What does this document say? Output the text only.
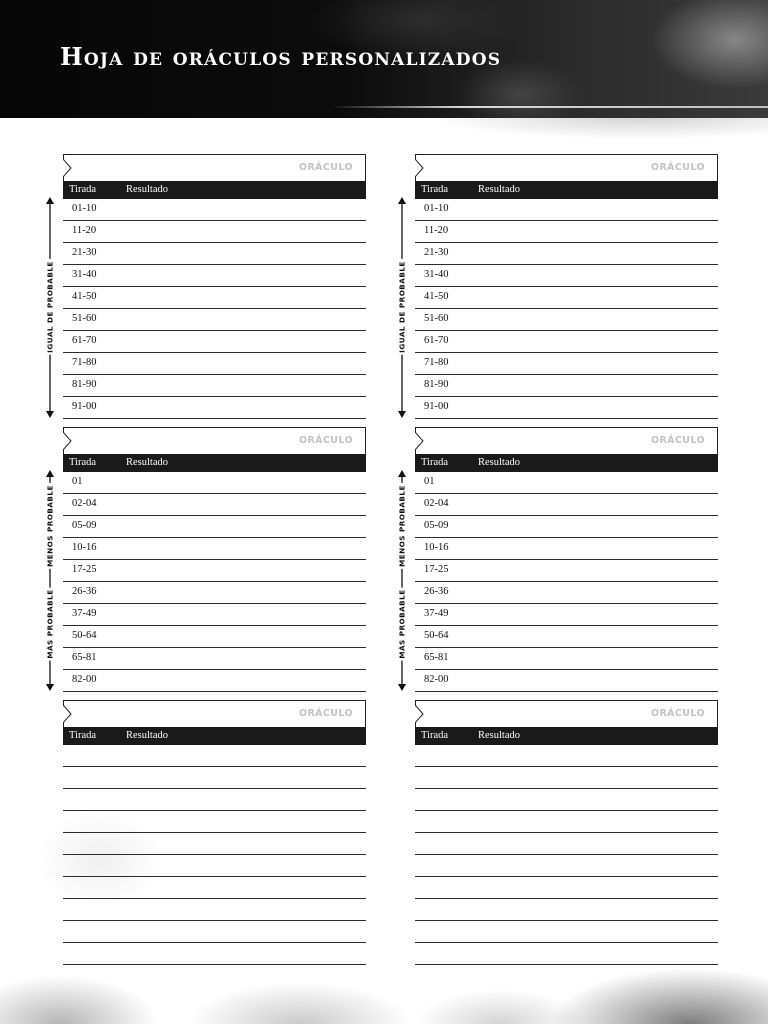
Hoja de oráculos personalizados
IGUAL DE PROBABLE
ORÁCULO
Tirada	Resultado
01-10
11-20
21-30
31-40
41-50
51-60
61-70
71-80
81-90
91-00
IGUAL DE PROBABLE
ORÁCULO
Tirada	Resultado
01-10
11-20
21-30
31-40
41-50
51-60
61-70
71-80
81-90
91-00
MENOS PROBABLE
MÁS PROBABLE
ORÁCULO
Tirada	Resultado
01
02-04
05-09
10-16
17-25
26-36
37-49
50-64
65-81
82-00
MENOS PROBABLE
MÁS PROBABLE
ORÁCULO
Tirada	Resultado
01
02-04
05-09
10-16
17-25
26-36
37-49
50-64
65-81
82-00
ORÁCULO
Tirada	Resultado
ORÁCULO
Tirada	Resultado
